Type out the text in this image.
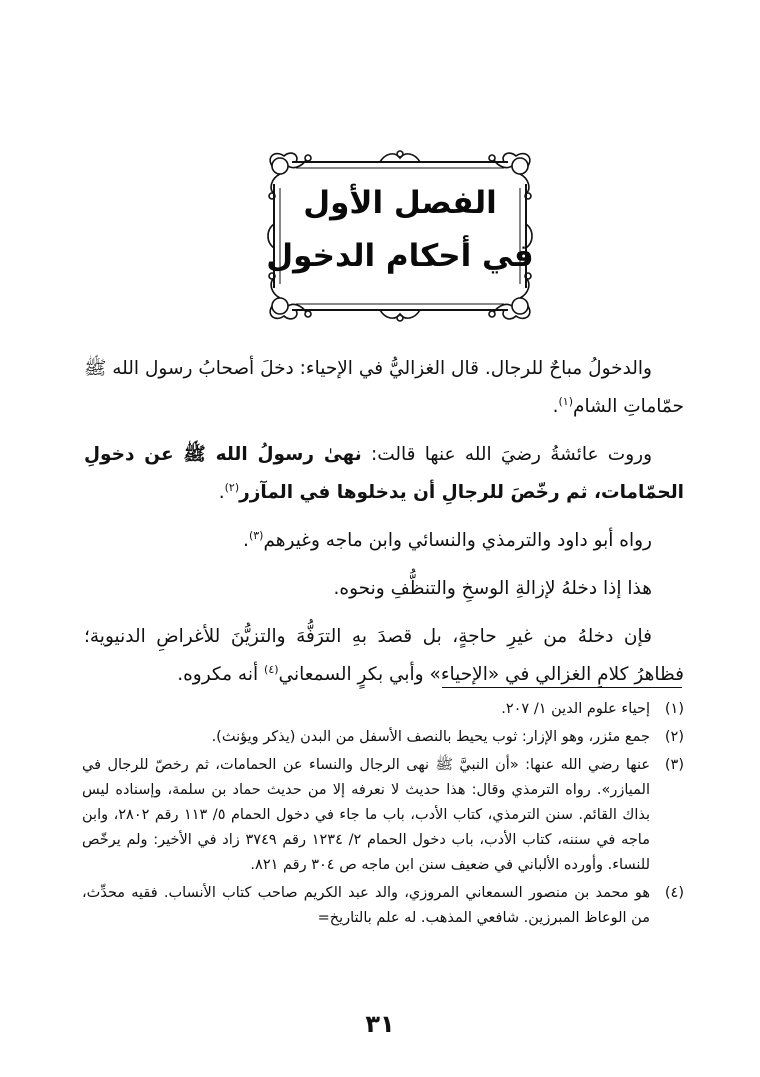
الفصل الأول
في أحكام الدخول

والدخولُ مباحٌ للرجال. قال الغزاليُّ في الإحياء: دخلَ أصحابُ رسول الله ﷺ حمّاماتِ الشام$^{(١)}$.

وروت عائشةُ رضيَ الله عنها قالت: نهىٰ رسولُ الله ﷺ عن دخولِ الحمّامات، ثم رخّصَ للرجالِ أن يدخلوها في المآزر$^{(٢)}$.

رواه أبو داود والترمذي والنسائي وابن ماجه وغيرهم$^{(٣)}$.

هذا إذا دخلهُ لإزالةِ الوسخِ والتنظُّفِ ونحوه.

فإن دخلهُ من غيرِ حاجةٍ، بل قصدَ بهِ الترَفُّهَ والتزيُّنَ للأغراضِ الدنيوية؛ فظاهرُ كلامِ الغزالي في «الإحياء» وأبي بكرٍ السمعاني$^{(٤)}$ أنه مكروه.

(١)
إحياء علوم الدين ١/ ٢٠٧.
(٢)
جمع مئزر، وهو الإزار: ثوب يحيط بالنصف الأسفل من البدن (يذكر ويؤنث).
(٣)
عنها رضي الله عنها: «أن النبيَّ ﷺ نهى الرجال والنساء عن الحمامات، ثم رخصّ للرجال في الميازر». رواه الترمذي وقال: هذا حديث لا نعرفه إلا من حديث حماد بن سلمة، وإسناده ليس بذاك القائم. سنن الترمذي، كتاب الأدب، باب ما جاء في دخول الحمام ٥/ ١١٣ رقم ٢٨٠٢، وابن ماجه في سننه، كتاب الأدب، باب دخول الحمام ٢/ ١٢٣٤ رقم ٣٧٤٩ زاد في الأخير: ولم يرخّص للنساء. وأورده الألباني في ضعيف سنن ابن ماجه ص ٣٠٤ رقم ٨٢١.
(٤)
هو محمد بن منصور السمعاني المروزي، والد عبد الكريم صاحب كتاب الأنساب. فقيه محدِّث، من الوعاظ المبرزين. شافعي المذهب. له علم بالتاريخ=
٣١
